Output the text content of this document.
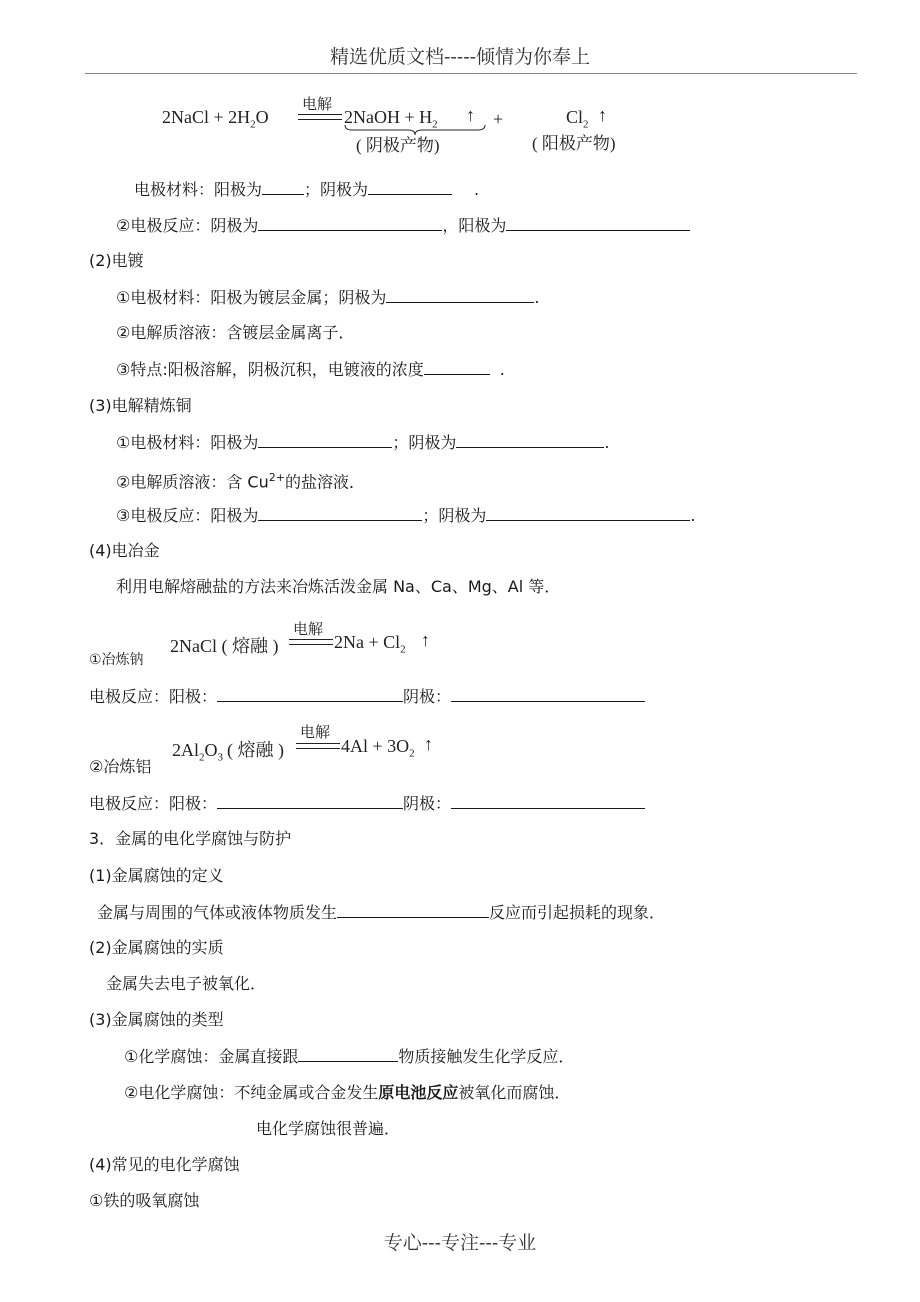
精选优质文档-----倾情为你奉上
2NaCl + $2H_2O$
电解
2NaOH + $H_2$ ↑
( 阴极产物)
+	$Cl_2$ ↑
( 阳极产物)
电极材料：阳极为	；阴极为	.
②电极反应：阴极为	，阳极为
(2)电镀
①电极材料：阳极为镀层金属；阴极为	.
②电解质溶液：含镀层金属离子．
③特点:阳极溶解，阴极沉积，电镀液的浓度	.
(3)电解精炼铜
①电极材料：阳极为	；阴极为	.
②电解质溶液：含 $Cu^{2+}$的盐溶液．
③电极反应：阳极为	；阴极为	.
(4)电冶金
利用电解熔融盐的方法来冶炼活泼金属 Na、Ca、Mg、Al 等．
2NaCl ( 熔融 )
电解
$2Na + Cl_2$ ↑
①冶炼钠
电极反应：阳极：	阴极：
$2Al_2O_3$ ( 熔融 )
电解
$4Al + 3O_2$ ↑
②冶炼铝
电极反应：阳极：	阴极：
3．金属的电化学腐蚀与防护
(1)金属腐蚀的定义
金属与周围的气体或液体物质发生	反应而引起损耗的现象．
(2)金属腐蚀的实质
金属失去电子被氧化．
(3)金属腐蚀的类型
①化学腐蚀：金属直接跟	物质接触发生化学反应．
②电化学腐蚀：不纯金属或合金发生原电池反应被氧化而腐蚀．
电化学腐蚀很普遍．
(4)常见的电化学腐蚀
①铁的吸氧腐蚀
专心---专注---专业
